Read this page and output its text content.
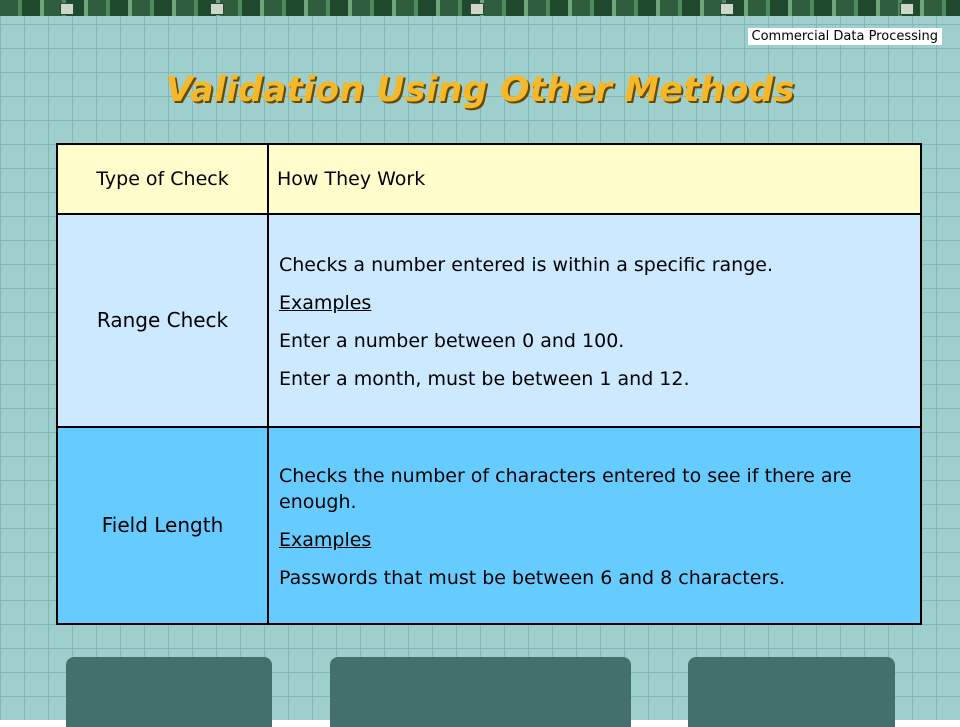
Commercial Data Processing
Validation Using Other Methods
Type of Check	How They Work
Range Check	Checks a number entered is within a specific range.

Examples

Enter a number between 0 and 100.

Enter a month, must be between 1 and 12.

Field Length	Checks the number of characters entered to see if there are enough.

Examples

Passwords that must be between 6 and 8 characters.
